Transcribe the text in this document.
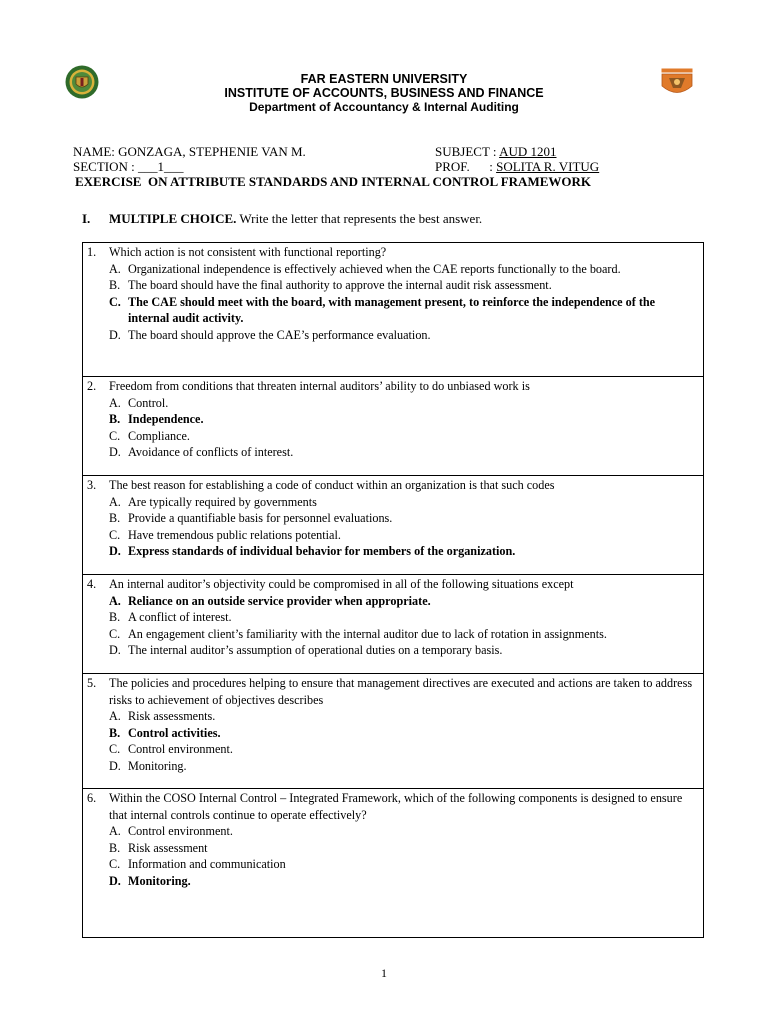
FAR EASTERN UNIVERSITY
INSTITUTE OF ACCOUNTS, BUSINESS AND FINANCE
Department of Accountancy & Internal Auditing
NAME: GONZAGA, STEPHENIE VAN M.	SUBJECT : AUD 1201
SECTION : ___1___	PROF.      : SOLITA R. VITUG
EXERCISE  ON ATTRIBUTE STANDARDS AND INTERNAL CONTROL FRAMEWORK
I. MULTIPLE CHOICE. Write the letter that represents the best answer.
1.	Which action is not consistent with functional reporting?
A. Organizational independence is effectively achieved when the CAE reports functionally to the board.
B. The board should have the final authority to approve the internal audit risk assessment.
C. The CAE should meet with the board, with management present, to reinforce the independence of the internal audit activity.
D. The board should approve the CAE’s performance evaluation.
2.	Freedom from conditions that threaten internal auditors’ ability to do unbiased work is
A. Control.
B. Independence.
C. Compliance.
D. Avoidance of conflicts of interest.
3.	The best reason for establishing a code of conduct within an organization is that such codes
A. Are typically required by governments
B. Provide a quantifiable basis for personnel evaluations.
C. Have tremendous public relations potential.
D. Express standards of individual behavior for members of the organization.
4.	An internal auditor’s objectivity could be compromised in all of the following situations except
A. Reliance on an outside service provider when appropriate.
B. A conflict of interest.
C. An engagement client’s familiarity with the internal auditor due to lack of rotation in assignments.
D. The internal auditor’s assumption of operational duties on a temporary basis.
5.	The policies and procedures helping to ensure that management directives are executed and actions are taken to address risks to achievement of objectives describes
A. Risk assessments.
B. Control activities.
C. Control environment.
D. Monitoring.
6.	Within the COSO Internal Control – Integrated Framework, which of the following components is designed to ensure that internal controls continue to operate effectively?
A. Control environment.
B. Risk assessment
C. Information and communication
D. Monitoring.
1
